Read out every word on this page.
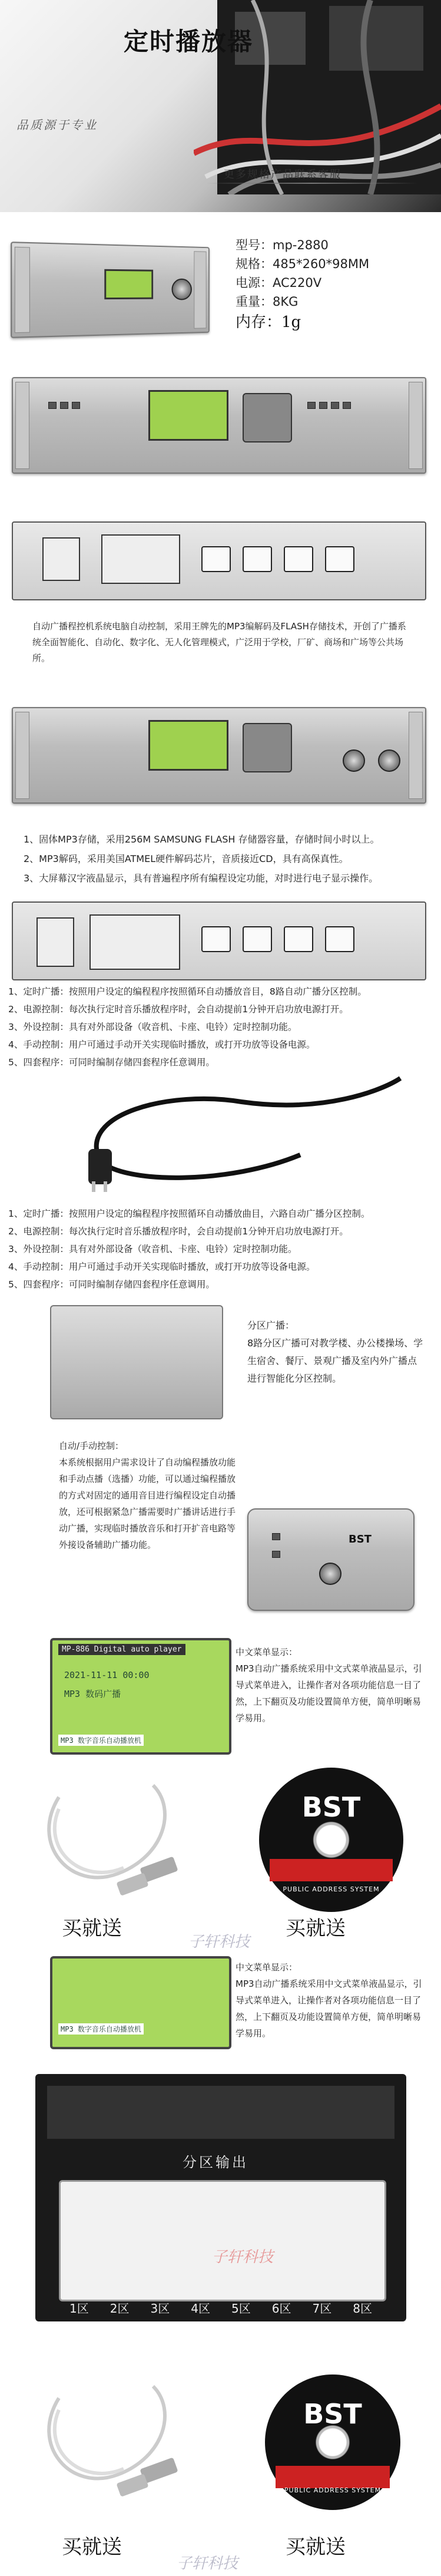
定时播放器
品质源于专业
更多规格产品联系客服
型号：mp-2880
规格：485*260*98MM
电源：AC220V
重量：8KG
内存：1g
自动广播程控机系统电脑自动控制，采用王牌先的MP3编解码及FLASH存储技术，开创了广播系统全面智能化、自动化、数字化、无人化管理模式，广泛用于学校，厂矿、商场和广场等公共场所。
1、固体MP3存储，采用256M SAMSUNG FLASH 存储器容量，存储时间小时以上。
2、MP3解码，采用美国ATMEL硬件解码芯片，音质接近CD，具有高保真性。
3、大屏幕汉字液晶显示，具有普遍程序所有编程设定功能，对时进行电子显示操作。
1、定时广播：按照用户设定的编程程序按照循环自动播放音目，8路自动广播分区控制。
2、电源控制：每次执行定时音乐播放程序时，会自动提前1分钟开启功放电源打开。
3、外设控制：具有对外部设备（收音机、卡座、电铃）定时控制功能。
4、手动控制：用户可通过手动开关实现临时播放，或打开功放等设备电源。
5、四套程序：可同时编制存储四套程序任意调用。
1、定时广播：按照用户设定的编程程序按照循环自动播放曲目，六路自动广播分区控制。
2、电源控制：每次执行定时音乐播放程序时，会自动提前1分钟开启功放电源打开。
3、外设控制：具有对外部设备（收音机、卡座、电铃）定时控制功能。
4、手动控制：用户可通过手动开关实现临时播放，或打开功放等设备电源。
5、四套程序：可同时编制存储四套程序任意调用。
分区广播：
8路分区广播可对教学楼、办公楼操场、学生宿舍、餐厅、景观广播及室内外广播点进行智能化分区控制。
自动/手动控制：
本系统根据用户需求设计了自动编程播放功能和手动点播（选播）功能，可以通过编程播放的方式对固定的通用音目进行编程设定自动播放，还可根据紧急广播需要时广播讲话进行手动广播，实现临时播放音乐和打开扩音电路等外接设备辅助广播功能。	BST
MP-886 Digital auto player
2021-11-11 00:00
MP3 数码广播
MP3 数字音乐自动播放机
中文菜单显示：
MP3自动广播系统采用中文式菜单液晶显示，引导式菜单进入，让操作者对各项功能信息一目了然，上下翻页及功能设置简单方便，简单明晰易学易用。
BST
PUBLIC ADDRESS SYSTEM
买就送	买就送
子轩科技
MP3 数字音乐自动播放机
中文菜单显示：
MP3自动广播系统采用中文式菜单液晶显示，引导式菜单进入，让操作者对各项功能信息一目了然，上下翻页及功能设置简单方便，简单明晰易学易用。
分区输出
1区 2区 3区 4区 5区 6区 7区 8区
子轩科技
BST
PUBLIC ADDRESS SYSTEM
买就送	买就送
子轩科技
